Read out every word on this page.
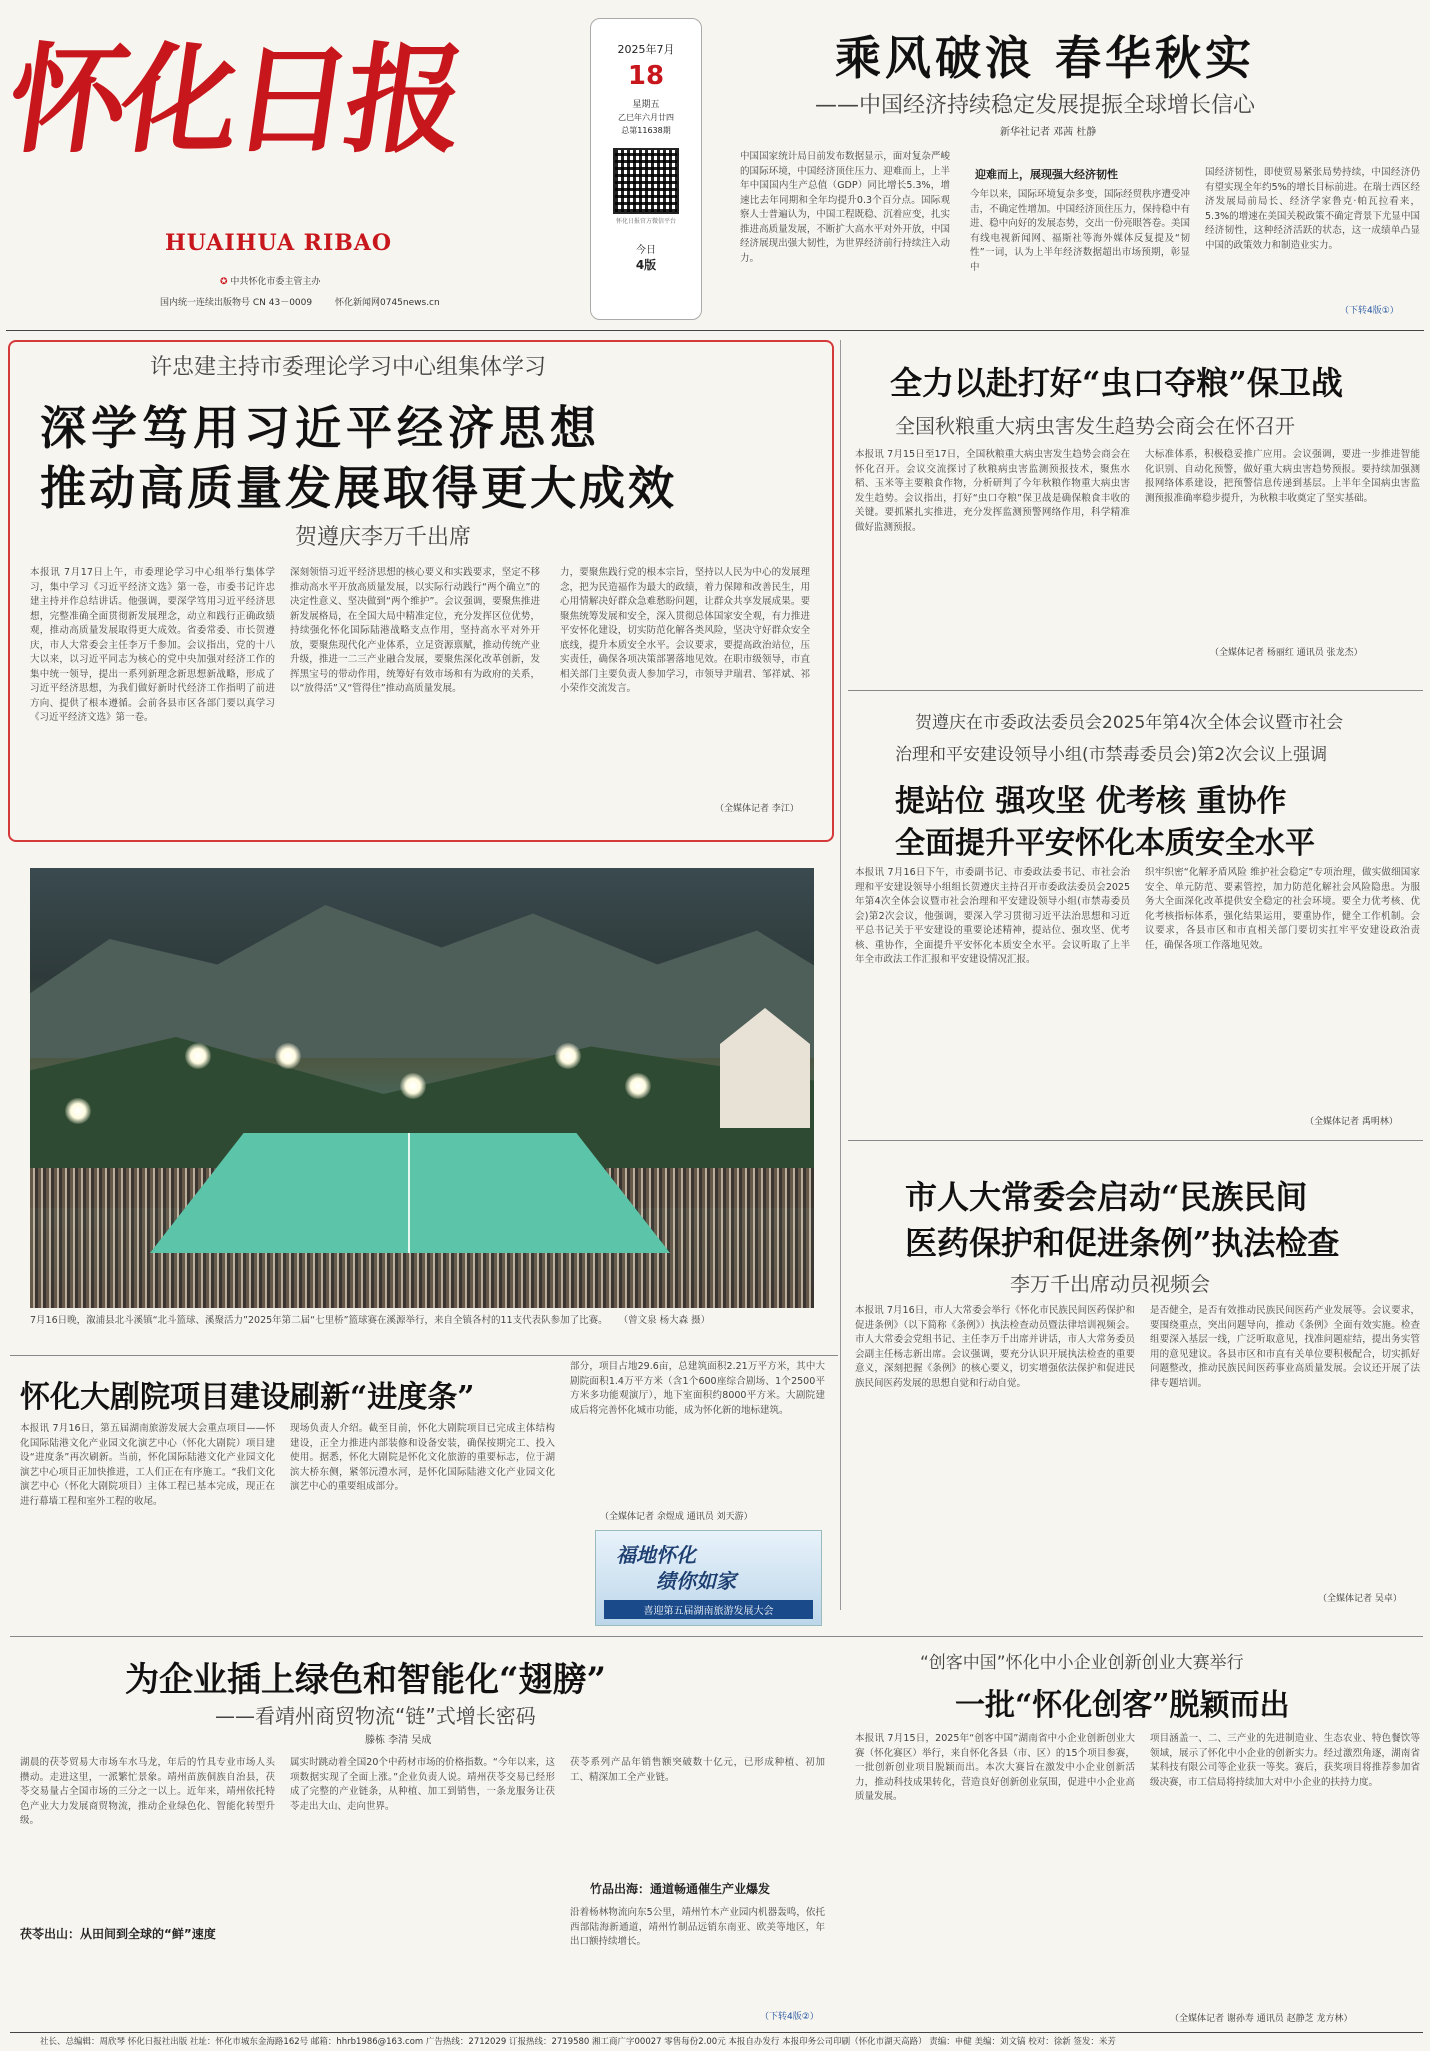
怀化日报
HUAIHUA RIBAO
✪ 中共怀化市委主管主办
国内统一连续出版物号 CN 43－0009	怀化新闻网0745news.cn
2025年7月
18
星期五
乙巳年六月廿四
总第11638期
怀化日报官方微信平台
今日
4版
乘风破浪 春华秋实
——中国经济持续稳定发展提振全球增长信心
新华社记者 邓茜 杜静
中国国家统计局日前发布数据显示，面对复杂严峻的国际环境，中国经济顶住压力、迎难而上，上半年中国国内生产总值（GDP）同比增长5.3%，增速比去年同期和全年均提升0.3个百分点。国际观察人士普遍认为，中国工程既稳、沉着应变，扎实推进高质量发展，不断扩大高水平对外开放，中国经济展现出强大韧性，为世界经济前行持续注入动力。
迎难而上，展现强大经济韧性
今年以来，国际环境复杂多变，国际经贸秩序遭受冲击，不确定性增加。中国经济顶住压力，保持稳中有进、稳中向好的发展态势，交出一份亮眼答卷。美国有线电视新闻网、福斯社等海外媒体反复提及“韧性”一词，认为上半年经济数据超出市场预期，彰显中
国经济韧性，即使贸易紧张局势持续，中国经济仍有望实现全年约5%的增长目标前进。在瑞士西区经济发展局前局长、经济学家鲁克·帕瓦拉看来，5.3%的增速在美国关税政策不确定背景下尤显中国经济韧性，这种经济活跃的状态，这一成绩单凸显中国的政策效力和制造业实力。
（下转4版①）
许忠建主持市委理论学习中心组集体学习
深学笃用习近平经济思想
推动高质量发展取得更大成效
贺遵庆李万千出席
本报讯 7月17日上午，市委理论学习中心组举行集体学习，集中学习《习近平经济文选》第一卷，市委书记许忠建主持并作总结讲话。他强调，要深学笃用习近平经济思想，完整准确全面贯彻新发展理念，动立和践行正确政绩观，推动高质量发展取得更大成效。省委常委、市长贺遵庆，市人大常委会主任李万千参加。会议指出，党的十八大以来，以习近平同志为核心的党中央加强对经济工作的集中统一领导，提出一系列新理念新思想新战略，形成了习近平经济思想，为我们做好新时代经济工作指明了前进方向、提供了根本遵循。会前各县市区各部门要以真学习《习近平经济文选》第一卷。
深刻领悟习近平经济思想的核心要义和实践要求，坚定不移推动高水平开放高质量发展，以实际行动践行“两个确立”的决定性意义、坚决做到“两个维护”。会议强调，要聚焦推进新发展格局，在全国大局中精准定位，充分发挥区位优势，持续强化怀化国际陆港战略支点作用，坚持高水平对外开放，要聚焦现代化产业体系，立足资源禀赋，推动传统产业升级，推进一二三产业融合发展，要聚焦深化改革创新，发挥黑宝号的带动作用，统筹好有效市场和有为政府的关系，以“放得活”又“管得住”推动高质量发展。
力，要聚焦践行党的根本宗旨，坚持以人民为中心的发展理念，把为民造福作为最大的政绩，着力保障和改善民生，用心用情解决好群众急难愁盼问题，让群众共享发展成果。要聚焦统筹发展和安全，深入贯彻总体国家安全观，有力推进平安怀化建设，切实防范化解各类风险，坚决守好群众安全底线，提升本质安全水平。会议要求，要提高政治站位，压实责任，确保各项决策部署落地见效。在职市级领导，市直相关部门主要负责人参加学习，市领导尹瑞君、邹祥斌、祁小荣作交流发言。
（全媒体记者 李江）
全力以赴打好“虫口夺粮”保卫战
全国秋粮重大病虫害发生趋势会商会在怀召开
本报讯 7月15日至17日，全国秋粮重大病虫害发生趋势会商会在怀化召开。会议交流探讨了秋粮病虫害监测预报技术，聚焦水稻、玉米等主要粮食作物，分析研判了今年秋粮作物重大病虫害发生趋势。会议指出，打好“虫口夺粮”保卫战是确保粮食丰收的关键。要抓紧扎实推进，充分发挥监测预警网络作用，科学精准做好监测预报。
大标准体系，积极稳妥推广应用。会议强调，要进一步推进智能化识别、自动化预警，做好重大病虫害趋势预报。要持续加强测报网络体系建设，把预警信息传递到基层。上半年全国病虫害监测预报准确率稳步提升，为秋粮丰收奠定了坚实基础。
（全媒体记者 杨丽红 通讯员 张龙杰）
贺遵庆在市委政法委员会2025年第4次全体会议暨市社会
治理和平安建设领导小组(市禁毒委员会)第2次会议上强调
提站位 强攻坚 优考核 重协作
全面提升平安怀化本质安全水平
本报讯 7月16日下午，市委副书记、市委政法委书记、市社会治理和平安建设领导小组组长贺遵庆主持召开市委政法委员会2025年第4次全体会议暨市社会治理和平安建设领导小组(市禁毒委员会)第2次会议，他强调，要深入学习贯彻习近平法治思想和习近平总书记关于平安建设的重要论述精神，提站位、强攻坚、优考核、重协作，全面提升平安怀化本质安全水平。会议听取了上半年全市政法工作汇报和平安建设情况汇报。
织牢织密“化解矛盾风险 维护社会稳定”专项治理，做实做细国家安全、单元防范、要素管控，加力防范化解社会风险隐患。为服务大全面深化改革提供安全稳定的社会环境。要全力优考核、优化考核指标体系，强化结果运用，要重协作，健全工作机制。会议要求，各县市区和市直相关部门要切实扛牢平安建设政治责任，确保各项工作落地见效。
（全媒体记者 禹明林）
7月16日晚，溆浦县北斗溪镇“北斗篮球、溪聚活力”2025年第二届“七里桥”篮球赛在溪源举行，来自全镇各村的11支代表队参加了比赛。 （曾文泉 杨大森 摄）
怀化大剧院项目建设刷新“进度条”
本报讯 7月16日，第五届湖南旅游发展大会重点项目——怀化国际陆港文化产业园文化演艺中心（怀化大剧院）项目建设“进度条”再次刷新。当前，怀化国际陆港文化产业园文化演艺中心项目正加快推进，工人们正在有序施工。“我们文化演艺中心（怀化大剧院项目）主体工程已基本完成，现正在进行幕墙工程和室外工程的收尾。
现场负责人介绍。截至目前，怀化大剧院项目已完成主体结构建设，正全力推进内部装修和设备安装，确保按期完工、投入使用。据悉，怀化大剧院是怀化文化旅游的重要标志，位于湖滨大桥东侧，紧邻沅澧水河，是怀化国际陆港文化产业园文化演艺中心的重要组成部分。
部分，项目占地29.6亩，总建筑面积2.21万平方米，其中大剧院面积1.4万平方米（含1个600座综合剧场、1个2500平方米多功能观演厅），地下室面积约8000平方米。大剧院建成后将完善怀化城市功能，成为怀化新的地标建筑。
（全媒体记者 余煜成 通讯员 刘天游）
福地怀化
绩你如家
喜迎第五届湖南旅游发展大会
市人大常委会启动“民族民间
医药保护和促进条例”执法检查
李万千出席动员视频会
本报讯 7月16日，市人大常委会举行《怀化市民族民间医药保护和促进条例》（以下简称《条例》）执法检查动员暨法律培训视频会。市人大常委会党组书记、主任李万千出席并讲话，市人大常务委员会副主任杨志新出席。会议强调，要充分认识开展执法检查的重要意义，深刻把握《条例》的核心要义，切实增强依法保护和促进民族民间医药发展的思想自觉和行动自觉。
是否健全，是否有效推动民族民间医药产业发展等。会议要求，要围绕重点，突出问题导向，推动《条例》全面有效实施。检查组要深入基层一线，广泛听取意见，找准问题症结，提出务实管用的意见建议。各县市区和市直有关单位要积极配合，切实抓好问题整改，推动民族民间医药事业高质量发展。会议还开展了法律专题培训。
（全媒体记者 吴卓）
为企业插上绿色和智能化“翅膀”
——看靖州商贸物流“链”式增长密码
滕栋 李清 吴成
湖晨的茯苓贸易大市场车水马龙，年后的竹具专业市场人头攒动。走进这里，一派繁忙景象。靖州苗族侗族自治县，茯苓交易量占全国市场的三分之一以上。近年来，靖州依托特色产业大力发展商贸物流，推动企业绿色化、智能化转型升级。
茯苓出山：从田间到全球的“鲜”速度
属实时跳动着全国20个中药材市场的价格指数。“今年以来，这项数据实现了全面上涨。”企业负责人说。靖州茯苓交易已经形成了完整的产业链条，从种植、加工到销售，一条龙服务让茯苓走出大山、走向世界。
茯苓系列产品年销售额突破数十亿元，已形成种植、初加工、精深加工全产业链。
竹品出海：通道畅通催生产业爆发
沿着杨林物流向东5公里，靖州竹木产业园内机器轰鸣，依托西部陆海新通道，靖州竹制品远销东南亚、欧美等地区，年出口额持续增长。
（下转4版②）
“创客中国”怀化中小企业创新创业大赛举行
一批“怀化创客”脱颖而出
本报讯 7月15日，2025年“创客中国”湖南省中小企业创新创业大赛（怀化赛区）举行，来自怀化各县（市、区）的15个项目参赛，一批创新创业项目脱颖而出。本次大赛旨在激发中小企业创新活力，推动科技成果转化，营造良好创新创业氛围，促进中小企业高质量发展。
项目涵盖一、二、三产业的先进制造业、生态农业、特色餐饮等领域，展示了怀化中小企业的创新实力。经过激烈角逐，湖南省某科技有限公司等企业获一等奖。赛后，获奖项目将推荐参加省级决赛，市工信局将持续加大对中小企业的扶持力度。
（全媒体记者 谢孙寿 通讯员 赵静芝 龙方林）
社长、总编辑：周欣琴 怀化日报社出版 社址：怀化市城东金海路162号 邮箱：hhrb1986@163.com 广告热线：2712029 订报热线：2719580 湘工商广字00027 零售每份2.00元 本报自办发行 本报印务公司印刷（怀化市湖天高路） 责编：申健 美编：刘文镐 校对：徐新 签发：米芳
